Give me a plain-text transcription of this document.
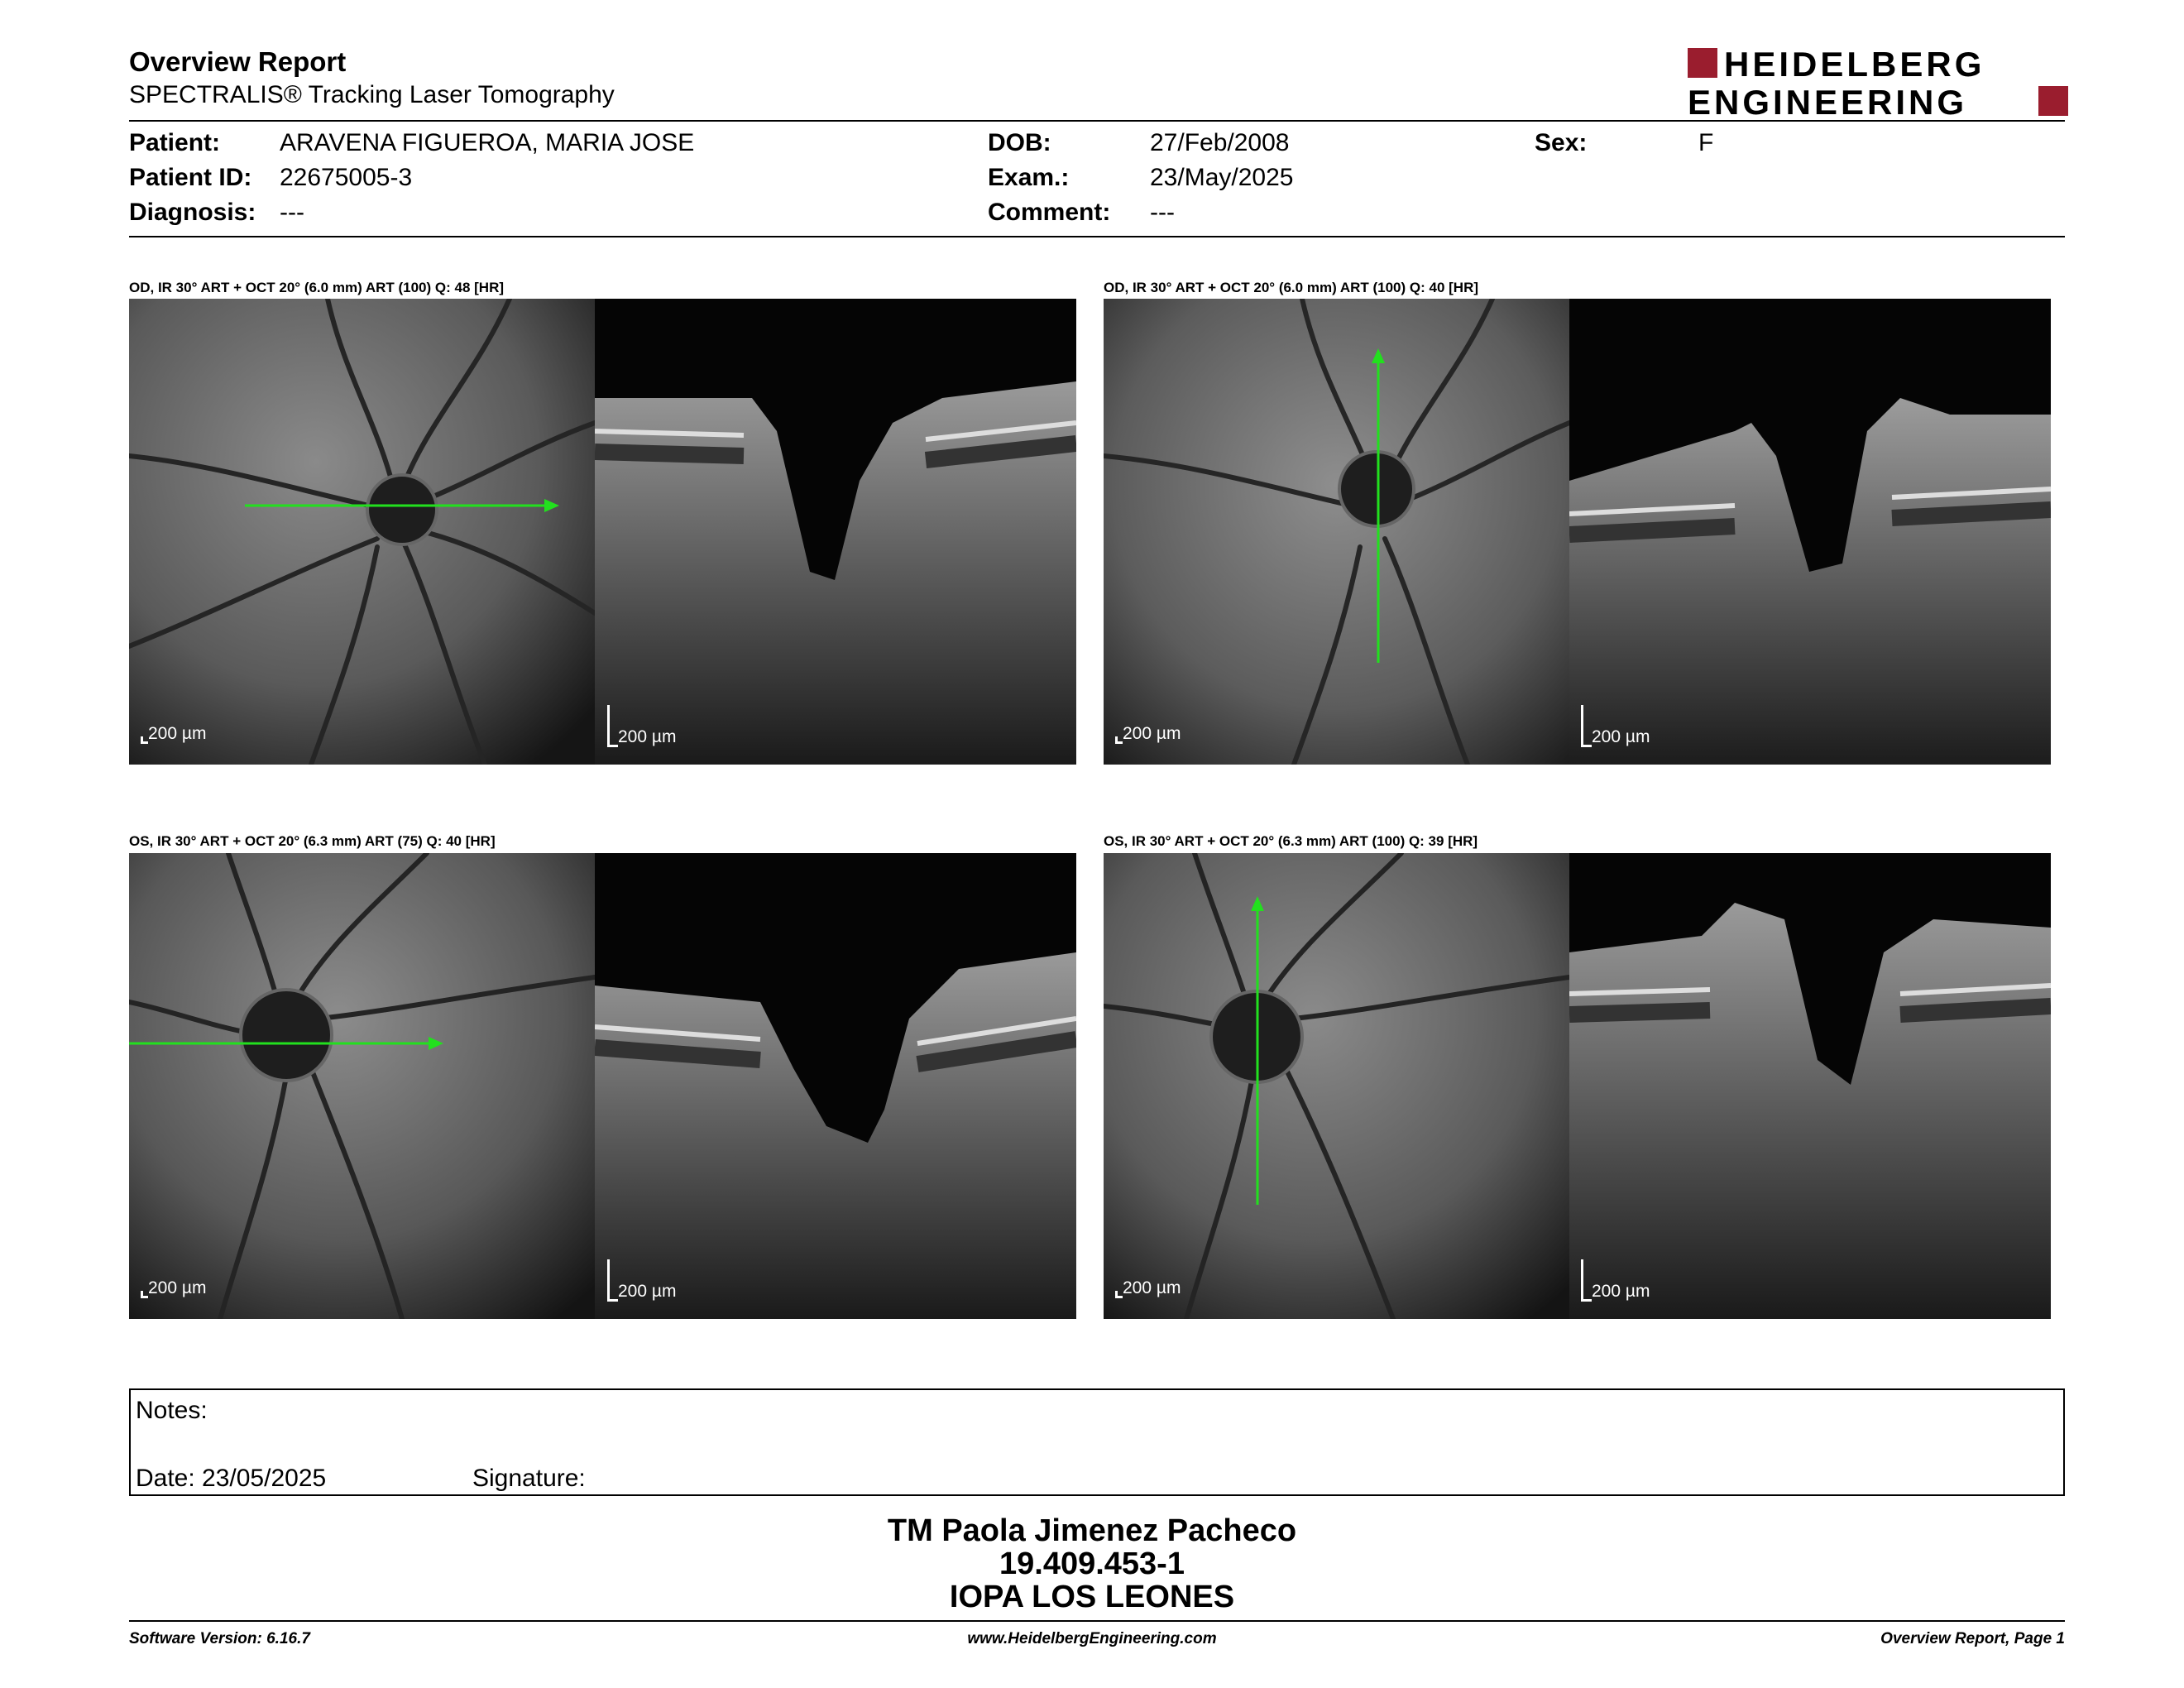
Overview Report
SPECTRALIS® Tracking Laser Tomography
HEIDELBERG
ENGINEERING
Patient: ARAVENA FIGUEROA, MARIA JOSE
Patient ID: 22675005-3
Diagnosis: ---
DOB:	27/Feb/2008
Exam.:	23/May/2025
Comment: ---
Sex:	F
OD, IR 30° ART + OCT 20° (6.0 mm) ART (100) Q: 48 [HR]	OD, IR 30° ART + OCT 20° (6.0 mm) ART (100) Q: 40 [HR]
OS, IR 30° ART + OCT 20° (6.3 mm) ART (75) Q: 40 [HR]	OS, IR 30° ART + OCT 20° (6.3 mm) ART (100) Q: 39 [HR]
200 µm	200 µm	200 µm	200 µm
200 µm	200 µm	200 µm	200 µm
Notes:
Date: 23/05/2025	Signature:
TM Paola Jimenez Pacheco
19.409.453-1
IOPA LOS LEONES
Software Version: 6.16.7	www.HeidelbergEngineering.com	Overview Report, Page 1
